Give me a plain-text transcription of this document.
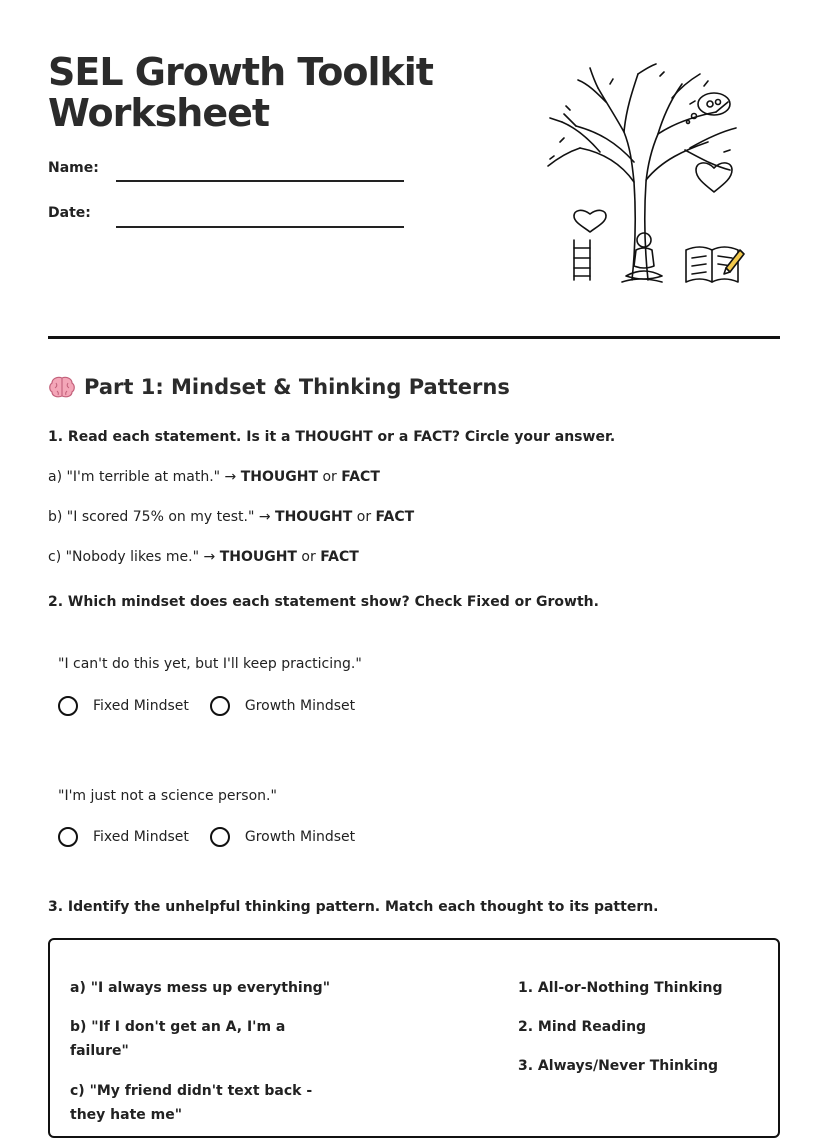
SEL Growth Toolkit
Worksheet
Name:
Date:
Part 1: Mindset & Thinking Patterns
1. Read each statement. Is it a THOUGHT or a FACT? Circle your answer.
a) "I'm terrible at math." → THOUGHT or FACT
b) "I scored 75% on my test." → THOUGHT or FACT
c) "Nobody likes me." → THOUGHT or FACT
2. Which mindset does each statement show? Check Fixed or Growth.
"I can't do this yet, but I'll keep practicing."
Fixed Mindset	Growth Mindset
"I'm just not a science person."
Fixed Mindset	Growth Mindset
3. Identify the unhelpful thinking pattern. Match each thought to its pattern.
a) "I always mess up everything"
b) "If I don't get an A, I'm a
failure"
c) "My friend didn't text back -
they hate me"
1. All-or-Nothing Thinking
2. Mind Reading
3. Always/Never Thinking
